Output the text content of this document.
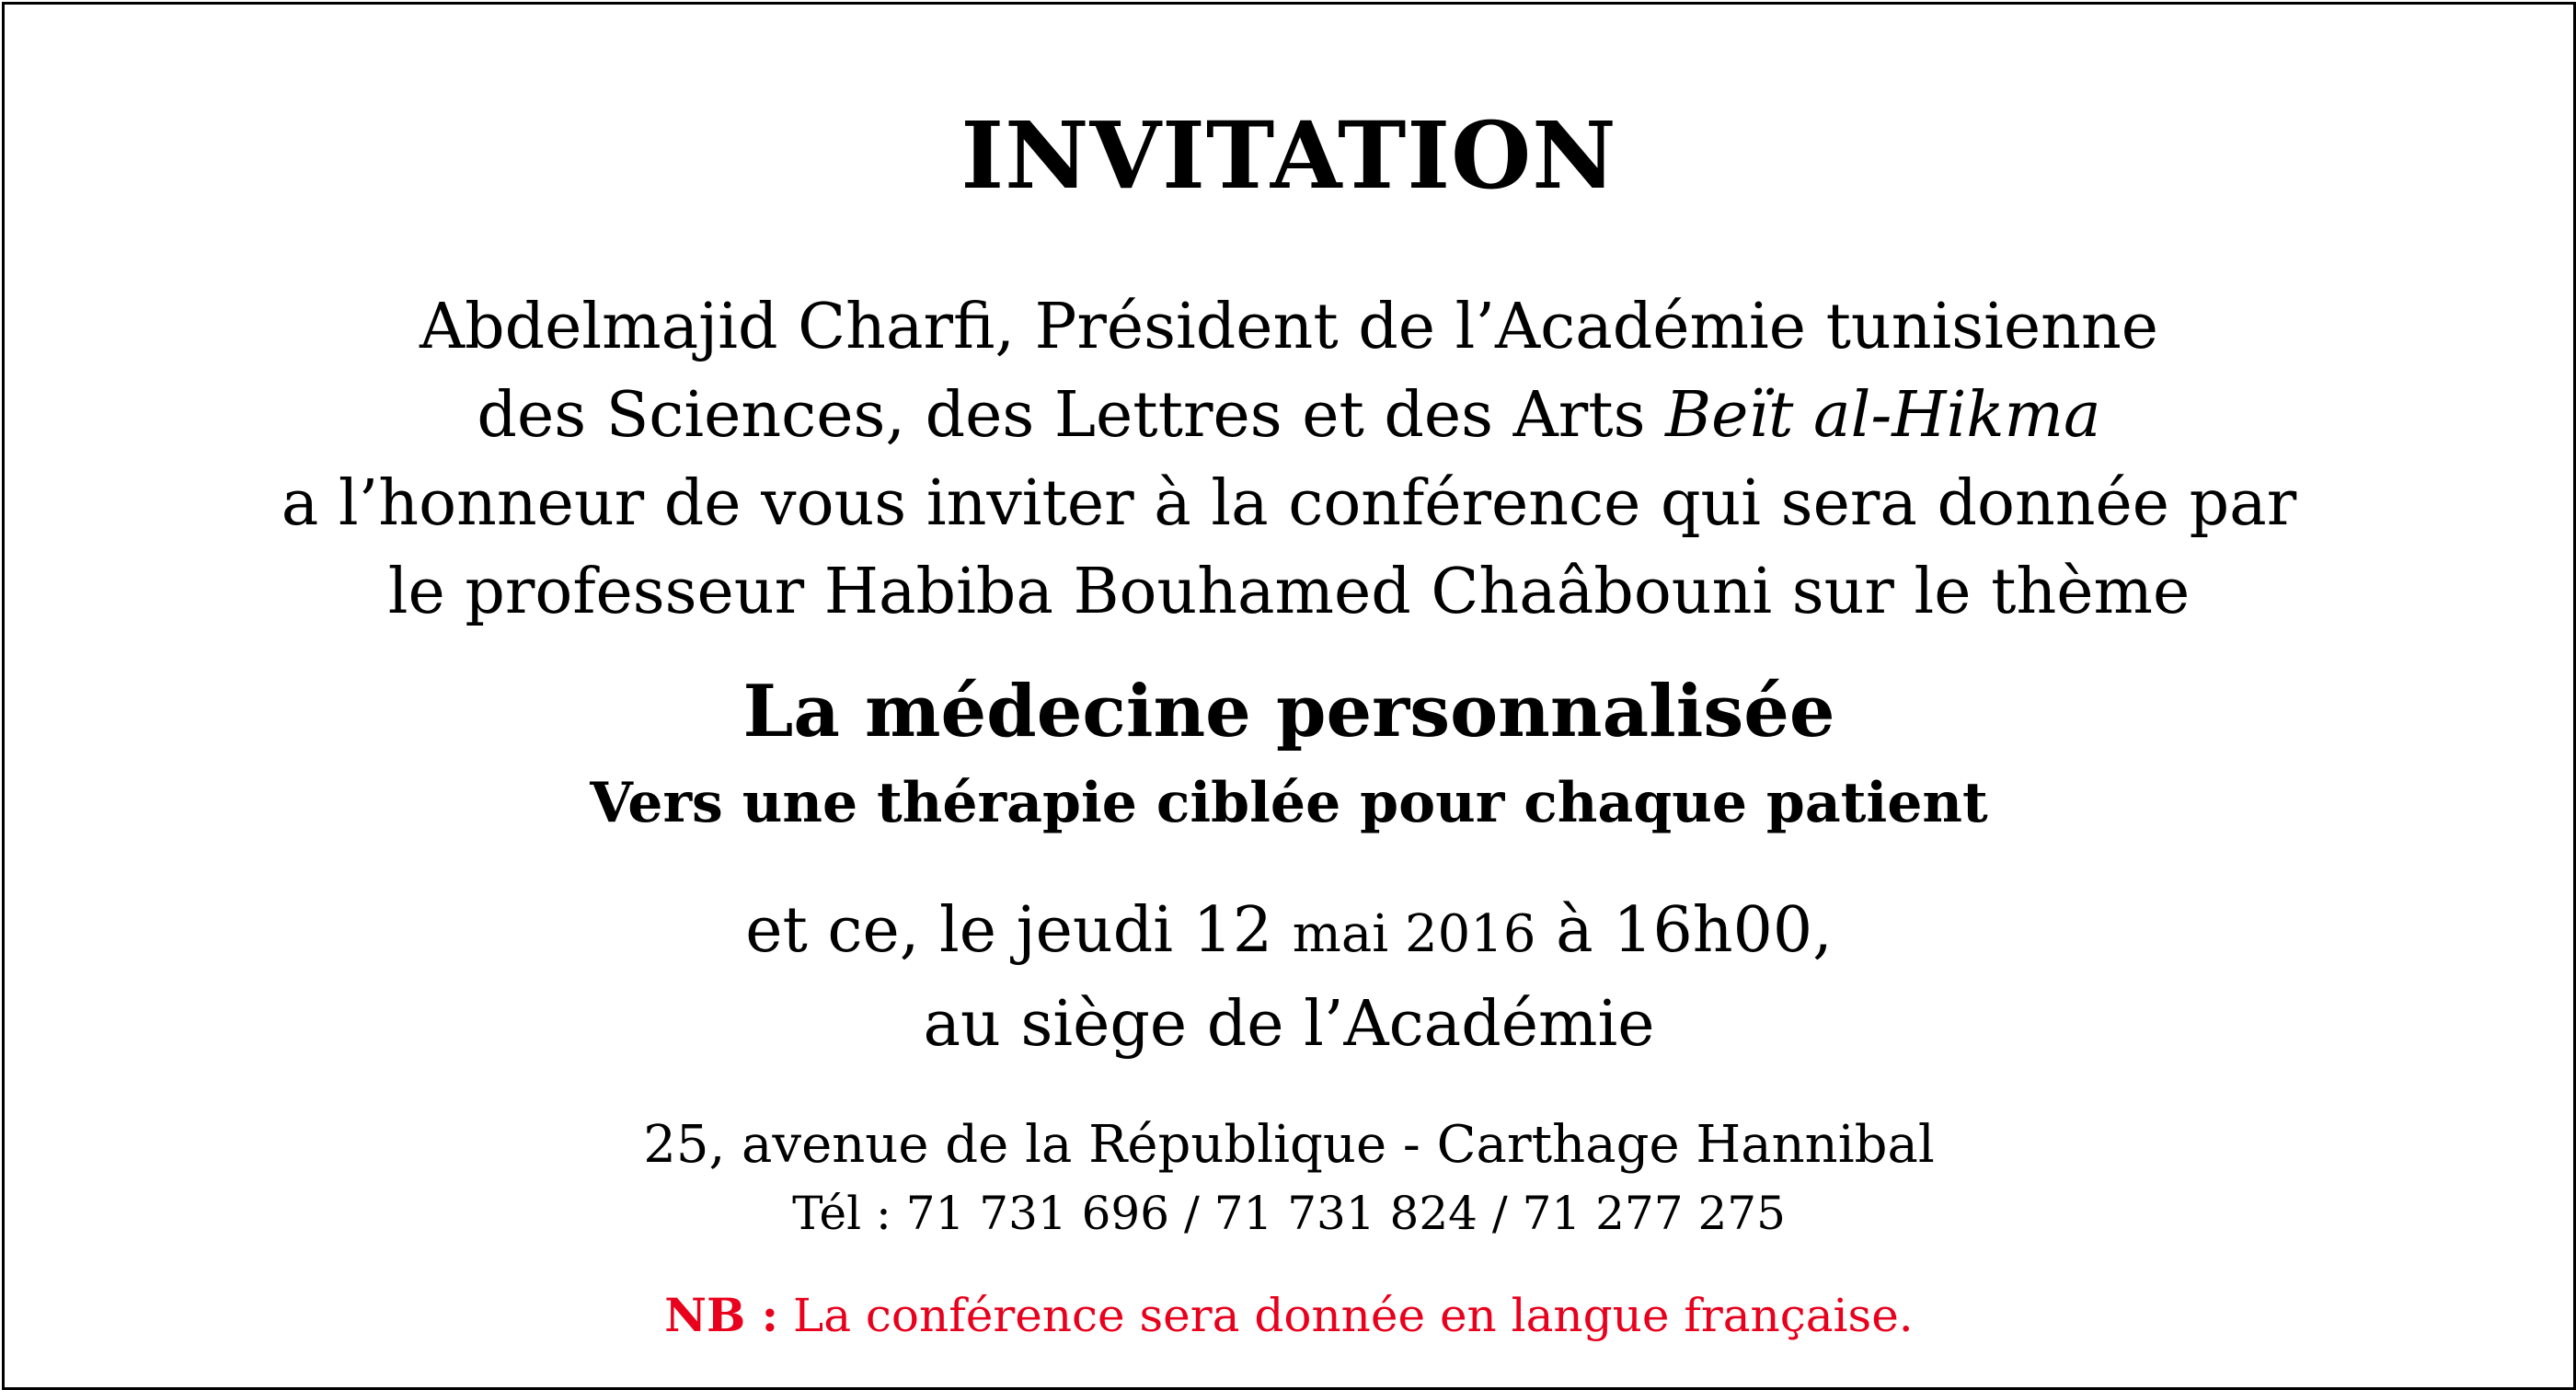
INVITATION
Abdelmajid Charfi, Président de l’Académie tunisienne
des Sciences, des Lettres et des Arts Beït al-Hikma
a l’honneur de vous inviter à la conférence qui sera donnée par
le professeur Habiba Bouhamed Chaâbouni sur le thème
La médecine personnalisée
Vers une thérapie ciblée pour chaque patient
et ce, le jeudi 12 mai 2016 à 16h00,
au siège de l’Académie
25, avenue de la République - Carthage Hannibal
Tél : 71 731 696 / 71 731 824 / 71 277 275
NB : La conférence sera donnée en langue française.
